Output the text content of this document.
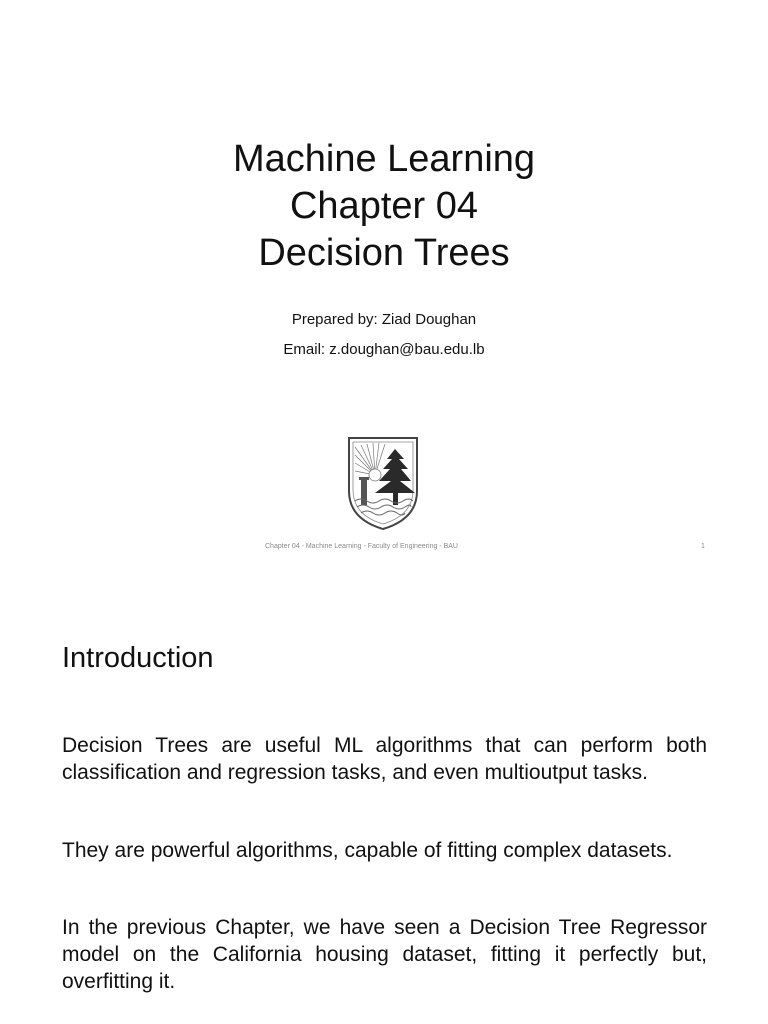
Machine Learning
Chapter 04
Decision Trees
Prepared by: Ziad Doughan
Email: z.doughan@bau.edu.lb
Chapter 04 - Machine Learning - Faculty of Engineering - BAU	1
Introduction
Decision Trees are useful ML algorithms that can perform both classification and regression tasks, and even multioutput tasks.
They are powerful algorithms, capable of fitting complex datasets.
In the previous Chapter, we have seen a Decision Tree Regressor model on the California housing dataset, fitting it perfectly but, overfitting it.
